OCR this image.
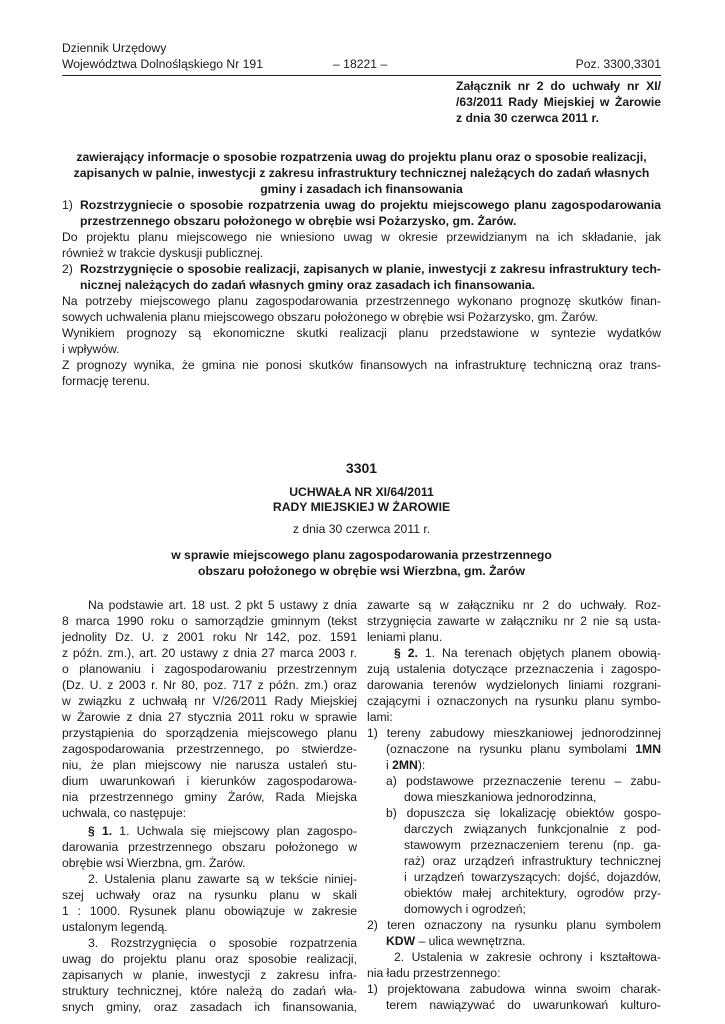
Dziennik Urzędowy
Województwa Dolnośląskiego Nr 191	– 18221 –	Poz. 3300,3301
Załącznik nr 2 do uchwały nr XI/
/63/2011 Rady Miejskiej w Żarowie
z dnia 30 czerwca 2011 r.
zawierający informacje o sposobie rozpatrzenia uwag do projektu planu oraz o sposobie realizacji,
zapisanych w palnie, inwestycji z zakresu infrastruktury technicznej należących do zadań własnych
gminy i zasadach ich finansowania
1) Rozstrzygniecie o sposobie rozpatrzenia uwag do projektu miejscowego planu zagospodarowania
przestrzennego obszaru położonego w obrębie wsi Pożarzysko, gm. Żarów.
Do projektu planu miejscowego nie wniesiono uwag w okresie przewidzianym na ich składanie, jak
również w trakcie dyskusji publicznej.
2) Rozstrzygnięcie o sposobie realizacji, zapisanych w planie, inwestycji z zakresu infrastruktury tech-
nicznej należących do zadań własnych gminy oraz zasadach ich finansowania.
Na potrzeby miejscowego planu zagospodarowania przestrzennego wykonano prognozę skutków finan-
sowych uchwalenia planu miejscowego obszaru położonego w obrębie wsi Pożarzysko, gm. Żarów.
Wynikiem prognozy są ekonomiczne skutki realizacji planu przedstawione w syntezie wydatków
i wpływów.
Z prognozy wynika, że gmina nie ponosi skutków finansowych na infrastrukturę techniczną oraz trans-
formację terenu.
3301
UCHWAŁA NR XI/64/2011
RADY MIEJSKIEJ W ŻAROWIE
z dnia 30 czerwca 2011 r.
w sprawie miejscowego planu zagospodarowania przestrzennego
obszaru położonego w obrębie wsi Wierzbna, gm. Żarów
Na podstawie art. 18 ust. 2 pkt 5 ustawy z dnia
8 marca 1990 roku o samorządzie gminnym (tekst
jednolity Dz. U. z 2001 roku Nr 142, poz. 1591
z późn. zm.), art. 20 ustawy z dnia 27 marca 2003 r.
o planowaniu i zagospodarowaniu przestrzennym
(Dz. U. z 2003 r. Nr 80, poz. 717 z późn. zm.) oraz
w związku z uchwałą nr V/26/2011 Rady Miejskiej
w Żarowie z dnia 27 stycznia 2011 roku w sprawie
przystąpienia do sporządzenia miejscowego planu
zagospodarowania przestrzennego, po stwierdze-
niu, że plan miejscowy nie narusza ustaleń stu-
dium uwarunkowań i kierunków zagospodarowa-
nia przestrzennego gminy Żarów, Rada Miejska
uchwala, co następuje:
§ 1. 1. Uchwala się miejscowy plan zagospo-
darowania przestrzennego obszaru położonego w
obrębie wsi Wierzbna, gm. Żarów.
2. Ustalenia planu zawarte są w tekście niniej-
szej uchwały oraz na rysunku planu w skali
1 : 1000. Rysunek planu obowiązuje w zakresie
ustalonym legendą.
3. Rozstrzygnięcia o sposobie rozpatrzenia
uwag do projektu planu oraz sposobie realizacji,
zapisanych w planie, inwestycji z zakresu infra-
struktury technicznej, które należą do zadań wła-
snych gminy, oraz zasadach ich finansowania,
zawarte są w załączniku nr 2 do uchwały. Roz-
strzygnięcia zawarte w załączniku nr 2 nie są usta-
leniami planu.
§ 2. 1. Na terenach objętych planem obowią-
zują ustalenia dotyczące przeznaczenia i zagospo-
darowania terenów wydzielonych liniami rozgrani-
czającymi i oznaczonych na rysunku planu symbo-
lami:
1) tereny zabudowy mieszkaniowej jednorodzinnej
(oznaczone na rysunku planu symbolami 1MN
i 2MN):
a) podstawowe przeznaczenie terenu – zabu-
dowa mieszkaniowa jednorodzinna,
b) dopuszcza się lokalizację obiektów gospo-
darczych związanych funkcjonalnie z pod-
stawowym przeznaczeniem terenu (np. ga-
raż) oraz urządzeń infrastruktury technicznej
i urządzeń towarzyszących: dojść, dojazdów,
obiektów małej architektury, ogrodów przy-
domowych i ogrodzeń;
2) teren oznaczony na rysunku planu symbolem
KDW – ulica wewnętrzna.
2. Ustalenia w zakresie ochrony i kształtowa-
nia ładu przestrzennego:
1) projektowana zabudowa winna swoim charak-
terem nawiązywać do uwarunkowań kulturo-
